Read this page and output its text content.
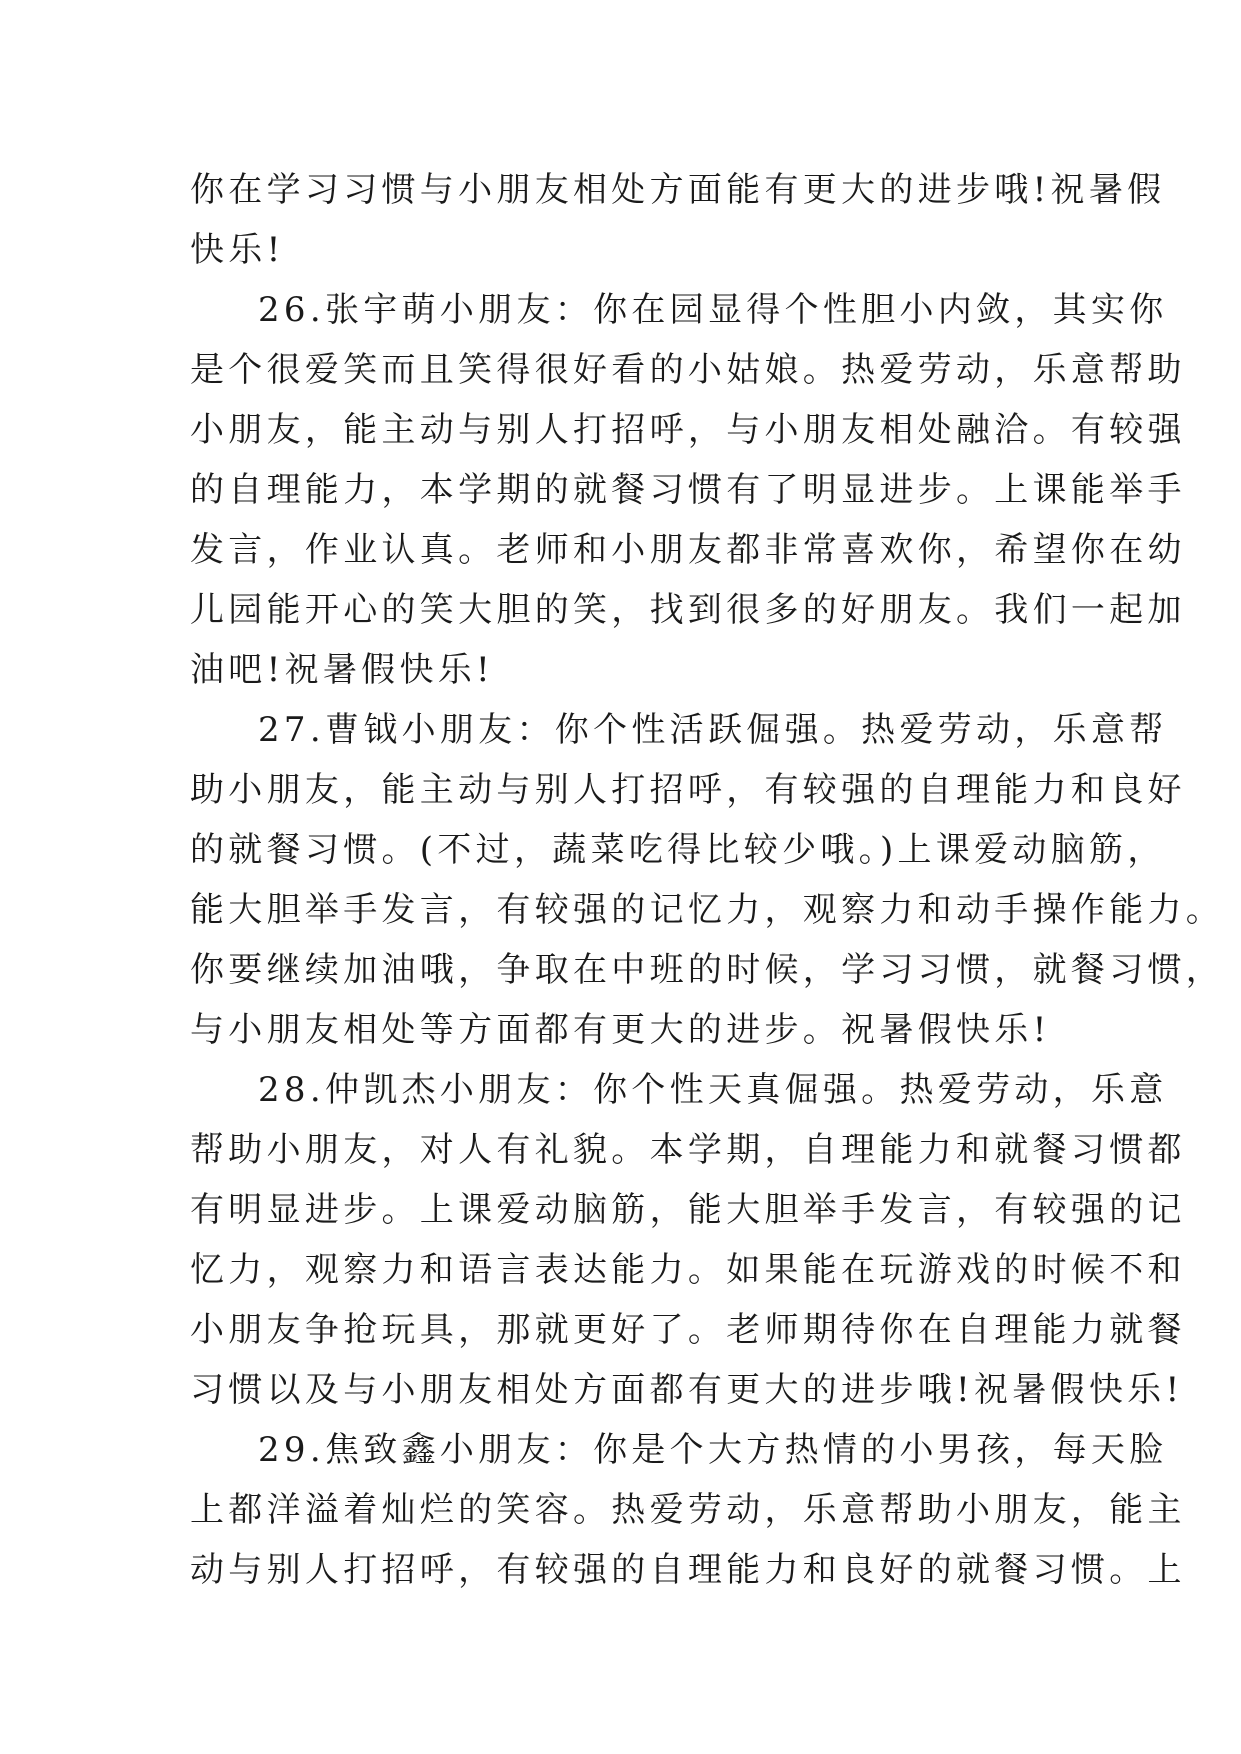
你在学习习惯与小朋友相处方面能有更大的进步哦!祝暑假
快乐!
26.张宇萌小朋友：你在园显得个性胆小内敛，其实你
是个很爱笑而且笑得很好看的小姑娘。热爱劳动，乐意帮助
小朋友，能主动与别人打招呼，与小朋友相处融洽。有较强
的自理能力，本学期的就餐习惯有了明显进步。上课能举手
发言，作业认真。老师和小朋友都非常喜欢你，希望你在幼
儿园能开心的笑大胆的笑，找到很多的好朋友。我们一起加
油吧!祝暑假快乐!
27.曹钺小朋友：你个性活跃倔强。热爱劳动，乐意帮
助小朋友，能主动与别人打招呼，有较强的自理能力和良好
的就餐习惯。(不过，蔬菜吃得比较少哦。)上课爱动脑筋，
能大胆举手发言，有较强的记忆力，观察力和动手操作能力。
你要继续加油哦，争取在中班的时候，学习习惯，就餐习惯，
与小朋友相处等方面都有更大的进步。祝暑假快乐!
28.仲凯杰小朋友：你个性天真倔强。热爱劳动，乐意
帮助小朋友，对人有礼貌。本学期，自理能力和就餐习惯都
有明显进步。上课爱动脑筋，能大胆举手发言，有较强的记
忆力，观察力和语言表达能力。如果能在玩游戏的时候不和
小朋友争抢玩具，那就更好了。老师期待你在自理能力就餐
习惯以及与小朋友相处方面都有更大的进步哦!祝暑假快乐!
29.焦致鑫小朋友：你是个大方热情的小男孩，每天脸
上都洋溢着灿烂的笑容。热爱劳动，乐意帮助小朋友，能主
动与别人打招呼，有较强的自理能力和良好的就餐习惯。上
